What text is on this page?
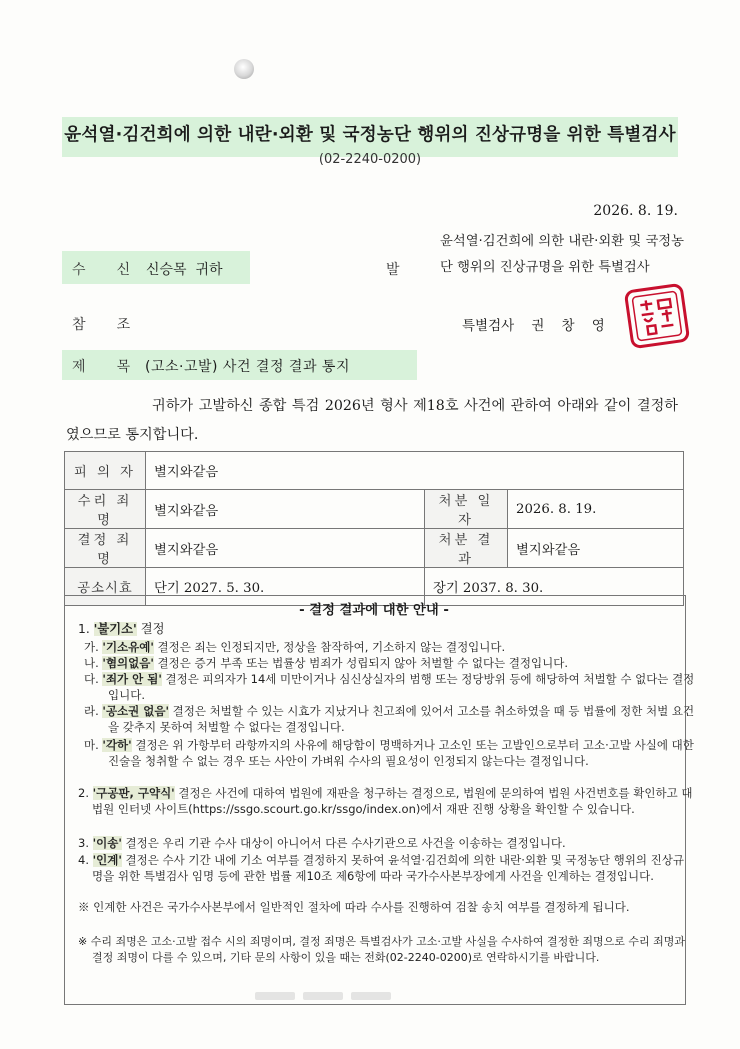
윤석열·김건희에 의한 내란·외환 및 국정농단 행위의 진상규명을 위한 특별검사
(02-2240-0200)
2026. 8. 19.
수       신 신승목  귀하	발
윤석열·김건희에 의한 내란·외환 및 국정농단 행위의 진상규명을 위한 특별검사
참       조	특별검사    권    창    영
제       목 (고소·고발) 사건 결정 결과 통지
귀하가 고발하신 종합 특검 2026년 형사 제18호 사건에 관하여 아래와 같이 결정하였으므로 통지합니다.
피 의 자	별지와같음		
수리 죄명	별지와같음	처분 일자	2026. 8. 19.
결정 죄명	별지와같음	처분 결과	별지와같음
공소시효	단기 2027. 5. 30.	장기 2037. 8. 30.	
- 결정 결과에 대한 안내 -
1. '불기소' 결정
가. '기소유예' 결정은 죄는 인정되지만, 정상을 참작하여, 기소하지 않는 결정입니다.
나. '혐의없음' 결정은 증거 부족 또는 법률상 범죄가 성립되지 않아 처벌할 수 없다는 결정입니다.
다. '죄가 안 됨' 결정은 피의자가 14세 미만이거나 심신상실자의 범행 또는 정당방위 등에 해당하여 처벌할 수 없다는 결정입니다.
라. '공소권 없음' 결정은 처벌할 수 있는 시효가 지났거나 친고죄에 있어서 고소를 취소하였을 때 등 법률에 정한 처벌 요건을 갖추지 못하여 처벌할 수 없다는 결정입니다.
마. '각하' 결정은 위 가항부터 라항까지의 사유에 해당함이 명백하거나 고소인 또는 고발인으로부터 고소·고발 사실에 대한 진술을 청취할 수 없는 경우 또는 사안이 가벼워 수사의 필요성이 인정되지 않는다는 결정입니다.
2. '구공판, 구약식' 결정은 사건에 대하여 법원에 재판을 청구하는 결정으로, 법원에 문의하여 법원 사건번호를 확인하고 대법원 인터넷 사이트(https://ssgo.scourt.go.kr/ssgo/index.on)에서 재판 진행 상황을 확인할 수 있습니다.
3. '이송' 결정은 우리 기관 수사 대상이 아니어서 다른 수사기관으로 사건을 이송하는 결정입니다.
4. '인계' 결정은 수사 기간 내에 기소 여부를 결정하지 못하여 윤석열·김건희에 의한 내란·외환 및 국정농단 행위의 진상규명을 위한 특별검사 임명 등에 관한 법률 제10조 제6항에 따라 국가수사본부장에게 사건을 인계하는 결정입니다.
※ 인계한 사건은 국가수사본부에서 일반적인 절차에 따라 수사를 진행하여 검찰 송치 여부를 결정하게 됩니다.
※ 수리 죄명은 고소·고발 접수 시의 죄명이며, 결정 죄명은 특별검사가 고소·고발 사실을 수사하여 결정한 죄명으로 수리 죄명과 결정 죄명이 다를 수 있으며, 기타 문의 사항이 있을 때는 전화(02-2240-0200)로 연락하시기를 바랍니다.
